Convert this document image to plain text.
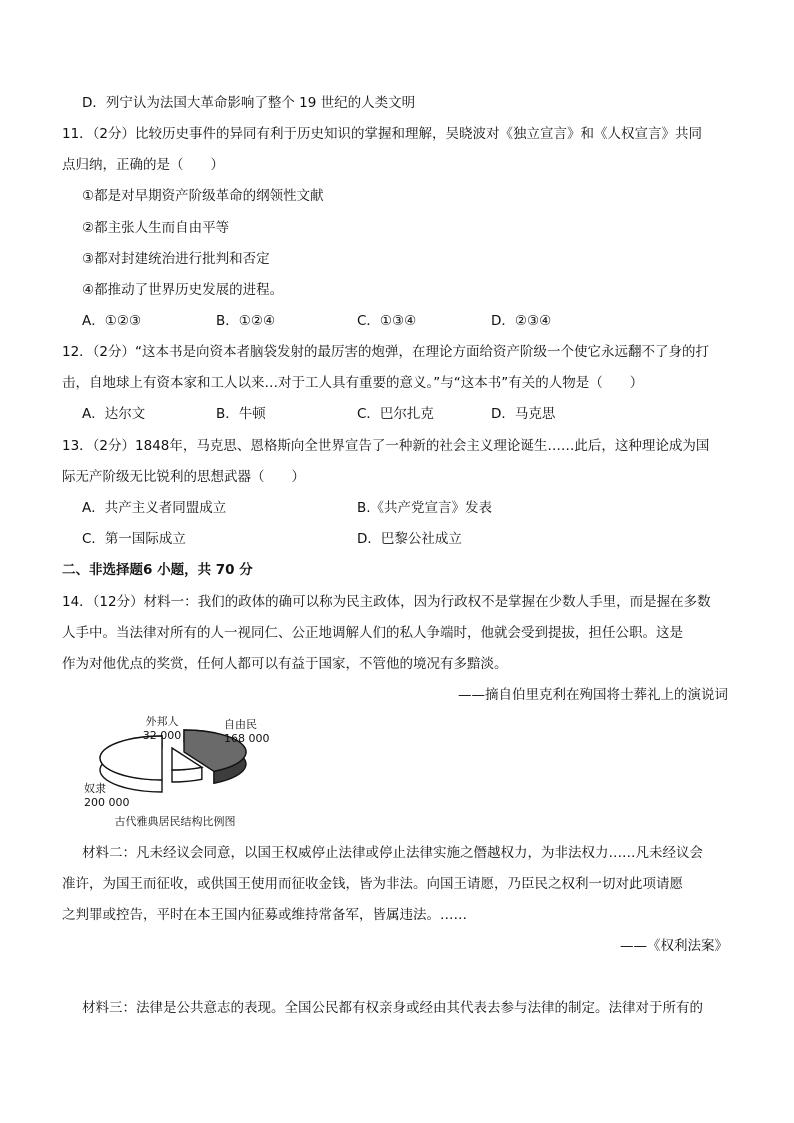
D．列宁认为法国大革命影响了整个 19 世纪的人类文明
11．（2分）比较历史事件的异同有利于历史知识的掌握和理解，吴晓波对《独立宣言》和《人权宣言》共同
点归纳，正确的是（　　）
①都是对早期资产阶级革命的纲领性文献
②都主张人生而自由平等
③都对封建统治进行批判和否定
④都推动了世界历史发展的进程。
A．①②③	B．①②④	C．①③④	D．②③④
12．（2分）“这本书是向资本者脑袋发射的最厉害的炮弹，在理论方面给资产阶级一个使它永远翻不了身的打
击，自地球上有资本家和工人以来…对于工人具有重要的意义。”与“这本书”有关的人物是（　　）
A．达尔文	B．牛顿	C．巴尔扎克	D．马克思
13．（2分）1848年，马克思、恩格斯向全世界宣告了一种新的社会主义理论诞生……此后，这种理论成为国
际无产阶级无比锐利的思想武器（　　）
A．共产主义者同盟成立	B.《共产党宣言》发表
C．第一国际成立	D．巴黎公社成立
二、非选择题6 小题，共 70 分
14．（12分）材料一：我们的政体的确可以称为民主政体，因为行政权不是掌握在少数人手里，而是握在多数
人手中。当法律对所有的人一视同仁、公正地调解人们的私人争端时，他就会受到提拔，担任公职。这是
作为对他优点的奖赏，任何人都可以有益于国家，不管他的境况有多黯淡。
——摘自伯里克利在殉国将士葬礼上的演说词
自由民
168 000
外邦人
32 000
奴隶
200 000
古代雅典居民结构比例图
材料二：凡未经议会同意，以国王权威停止法律或停止法律实施之僭越权力，为非法权力……凡未经议会
准许，为国王而征收，或供国王使用而征收金钱，皆为非法。向国王请愿，乃臣民之权利一切对此项请愿
之判罪或控告，平时在本王国内征募或维持常备军，皆属违法。……
——《权利法案》
材料三：法律是公共意志的表现。全国公民都有权亲身或经由其代表去参与法律的制定。法律对于所有的
